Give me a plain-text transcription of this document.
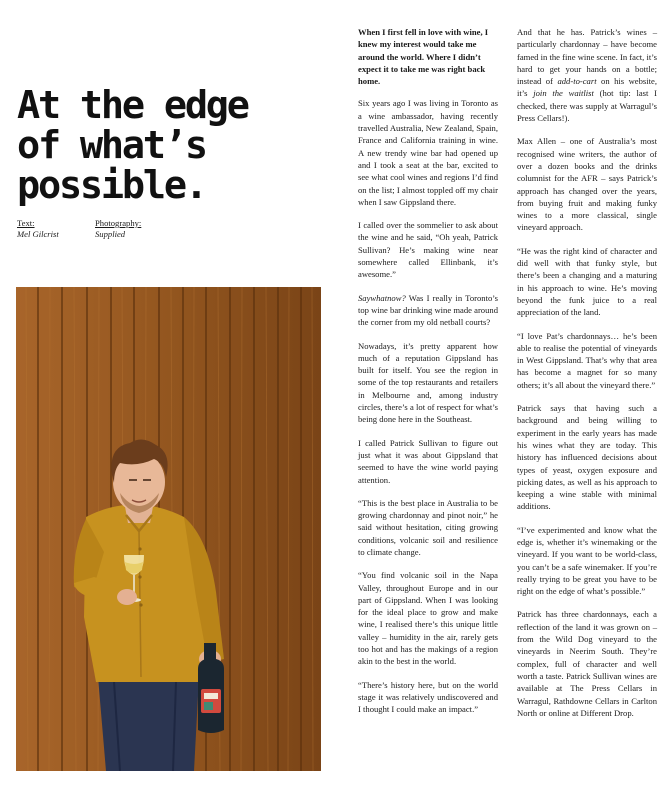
At the edge
of what’s
possible.
Text:
Mel Gilcrist
Photography:
Supplied

When I first fell in love with wine, I knew my interest would take me around the world. Where I didn’t expect it to take me was right back home.

Six years ago I was living in Toronto as a wine ambassador, having recently travelled Australia, New Zealand, Spain, France and California training in wine. A new trendy wine bar had opened up and I took a seat at the bar, excited to see what cool wines and regions I’d find on the list; I almost toppled off my chair when I saw Gippsland there.

I called over the sommelier to ask about the wine and he said, “Oh yeah, Patrick Sullivan? He’s making wine near somewhere called Ellinbank, it’s awesome.”

Saywhatnow? Was I really in Toronto’s top wine bar drinking wine made around the corner from my old netball courts?

Nowadays, it’s pretty apparent how much of a reputation Gippsland has built for itself. You see the region in some of the top restaurants and retailers in Melbourne and, among industry circles, there’s a lot of respect for what’s being done here in the Southeast.

I called Patrick Sullivan to figure out just what it was about Gippsland that seemed to have the wine world paying attention.

“This is the best place in Australia to be growing chardonnay and pinot noir,” he said without hesitation, citing growing conditions, volcanic soil and resilience to climate change.

“You find volcanic soil in the Napa Valley, throughout Europe and in our part of Gippsland. When I was looking for the ideal place to grow and make wine, I realised there’s this unique little valley – humidity in the air, rarely gets too hot and has the makings of a region akin to the best in the world.

“There’s history here, but on the world stage it was relatively undiscovered and I thought I could make an impact.”

And that he has. Patrick’s wines – particularly chardonnay – have become famed in the fine wine scene. In fact, it’s hard to get your hands on a bottle; instead of add-to-cart on his website, it’s join the waitlist (hot tip: last I checked, there was supply at Warragul’s Press Cellars!).

Max Allen – one of Australia’s most recognised wine writers, the author of over a dozen books and the drinks columnist for the AFR – says Patrick’s approach has changed over the years, from buying fruit and making funky wines to a more classical, single vineyard approach.

“He was the right kind of character and did well with that funky style, but there’s been a changing and a maturing in his approach to wine. He’s moving beyond the funk juice to a real appreciation of the land.

“I love Pat’s chardonnays… he’s been able to realise the potential of vineyards in West Gippsland. That’s why that area has become a magnet for so many others; it’s all about the vineyard there.”

Patrick says that having such a background and being willing to experiment in the early years has made his wines what they are today. This history has influenced decisions about types of yeast, oxygen exposure and picking dates, as well as his approach to keeping a wine stable with minimal additions.

“I’ve experimented and know what the edge is, whether it’s winemaking or the vineyard. If you want to be world-class, you can’t be a safe winemaker. If you’re really trying to be great you have to be right on the edge of what’s possible.”

Patrick has three chardonnays, each a reflection of the land it was grown on – from the Wild Dog vineyard to the vineyards in Neerim South. They’re complex, full of character and well worth a taste. Patrick Sullivan wines are available at The Press Cellars in Warragul, Rathdowne Cellars in Carlton North or online at Different Drop.
